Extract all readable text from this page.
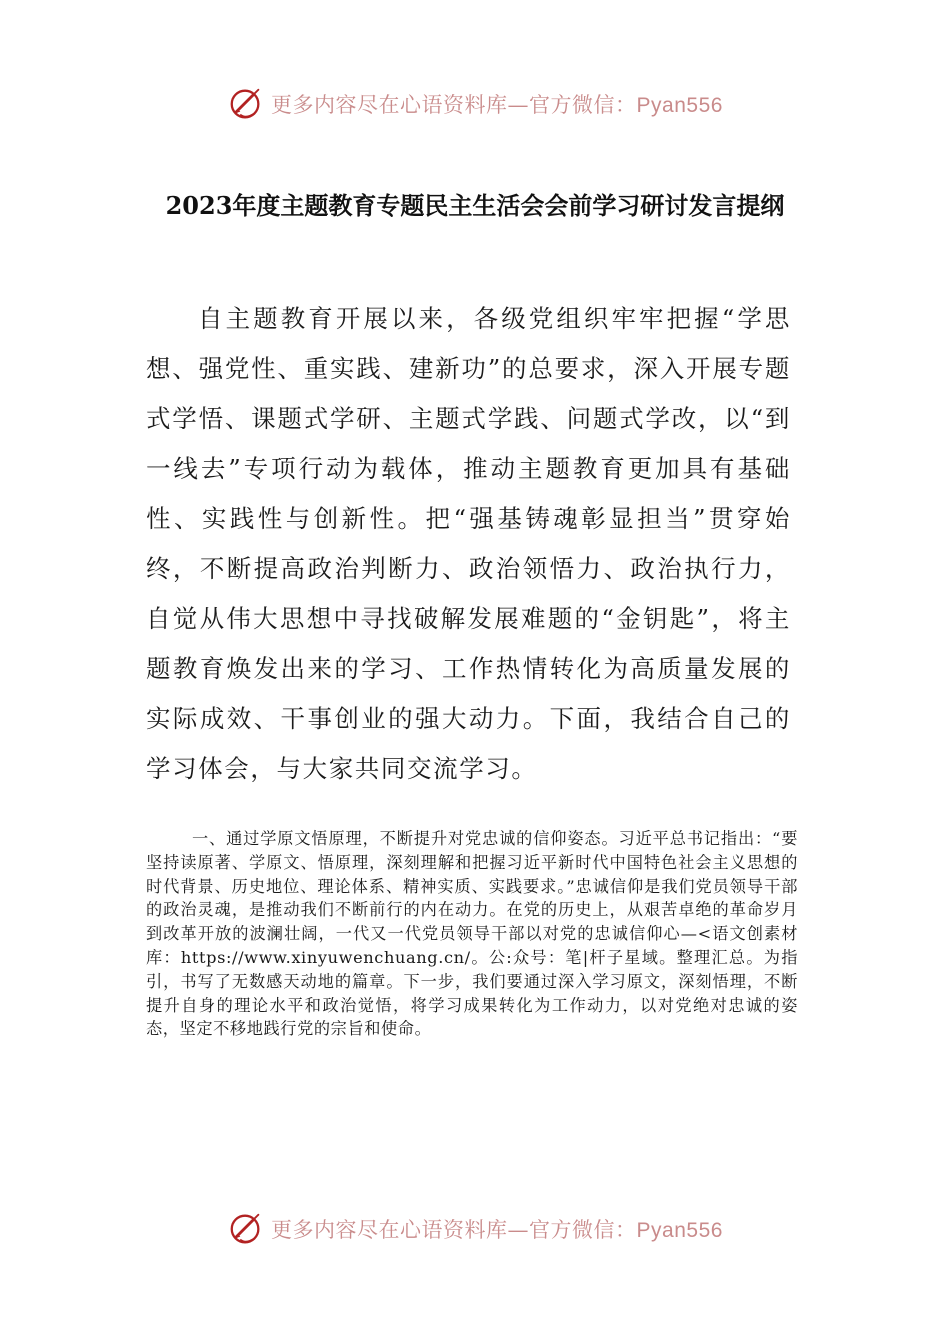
更多内容尽在心语资料库—官方微信：Pyan556
2023年度主题教育专题民主生活会会前学习研讨发言提纲

自主题教育开展以来，各级党组织牢牢把握“学思想、强党性、重实践、建新功”的总要求，深入开展专题式学悟、课题式学研、主题式学践、问题式学改，以“到一线去”专项行动为载体，推动主题教育更加具有基础性、实践性与创新性。把“强基铸魂彰显担当”贯穿始终，不断提高政治判断力、政治领悟力、政治执行力，自觉从伟大思想中寻找破解发展难题的“金钥匙”，将主题教育焕发出来的学习、工作热情转化为高质量发展的实际成效、干事创业的强大动力。下面，我结合自己的学习体会，与大家共同交流学习。

一、通过学原文悟原理，不断提升对党忠诚的信仰姿态。习近平总书记指出：“要坚持读原著、学原文、悟原理，深刻理解和把握习近平新时代中国特色社会主义思想的时代背景、历史地位、理论体系、精神实质、实践要求。”忠诚信仰是我们党员领导干部的政治灵魂，是推动我们不断前行的内在动力。在党的历史上，从艰苦卓绝的革命岁月到改革开放的波澜壮阔，一代又一代党员领导干部以对党的忠诚信仰心—<语文创素材库：https://www.xinyuwenchuang.cn/。公:众号：笔|杆子星域。整理汇总。为指引，书写了无数感天动地的篇章。下一步，我们要通过深入学习原文，深刻悟理，不断提升自身的理论水平和政治觉悟，将学习成果转化为工作动力，以对党绝对忠诚的姿态，坚定不移地践行党的宗旨和使命。

更多内容尽在心语资料库—官方微信：Pyan556
